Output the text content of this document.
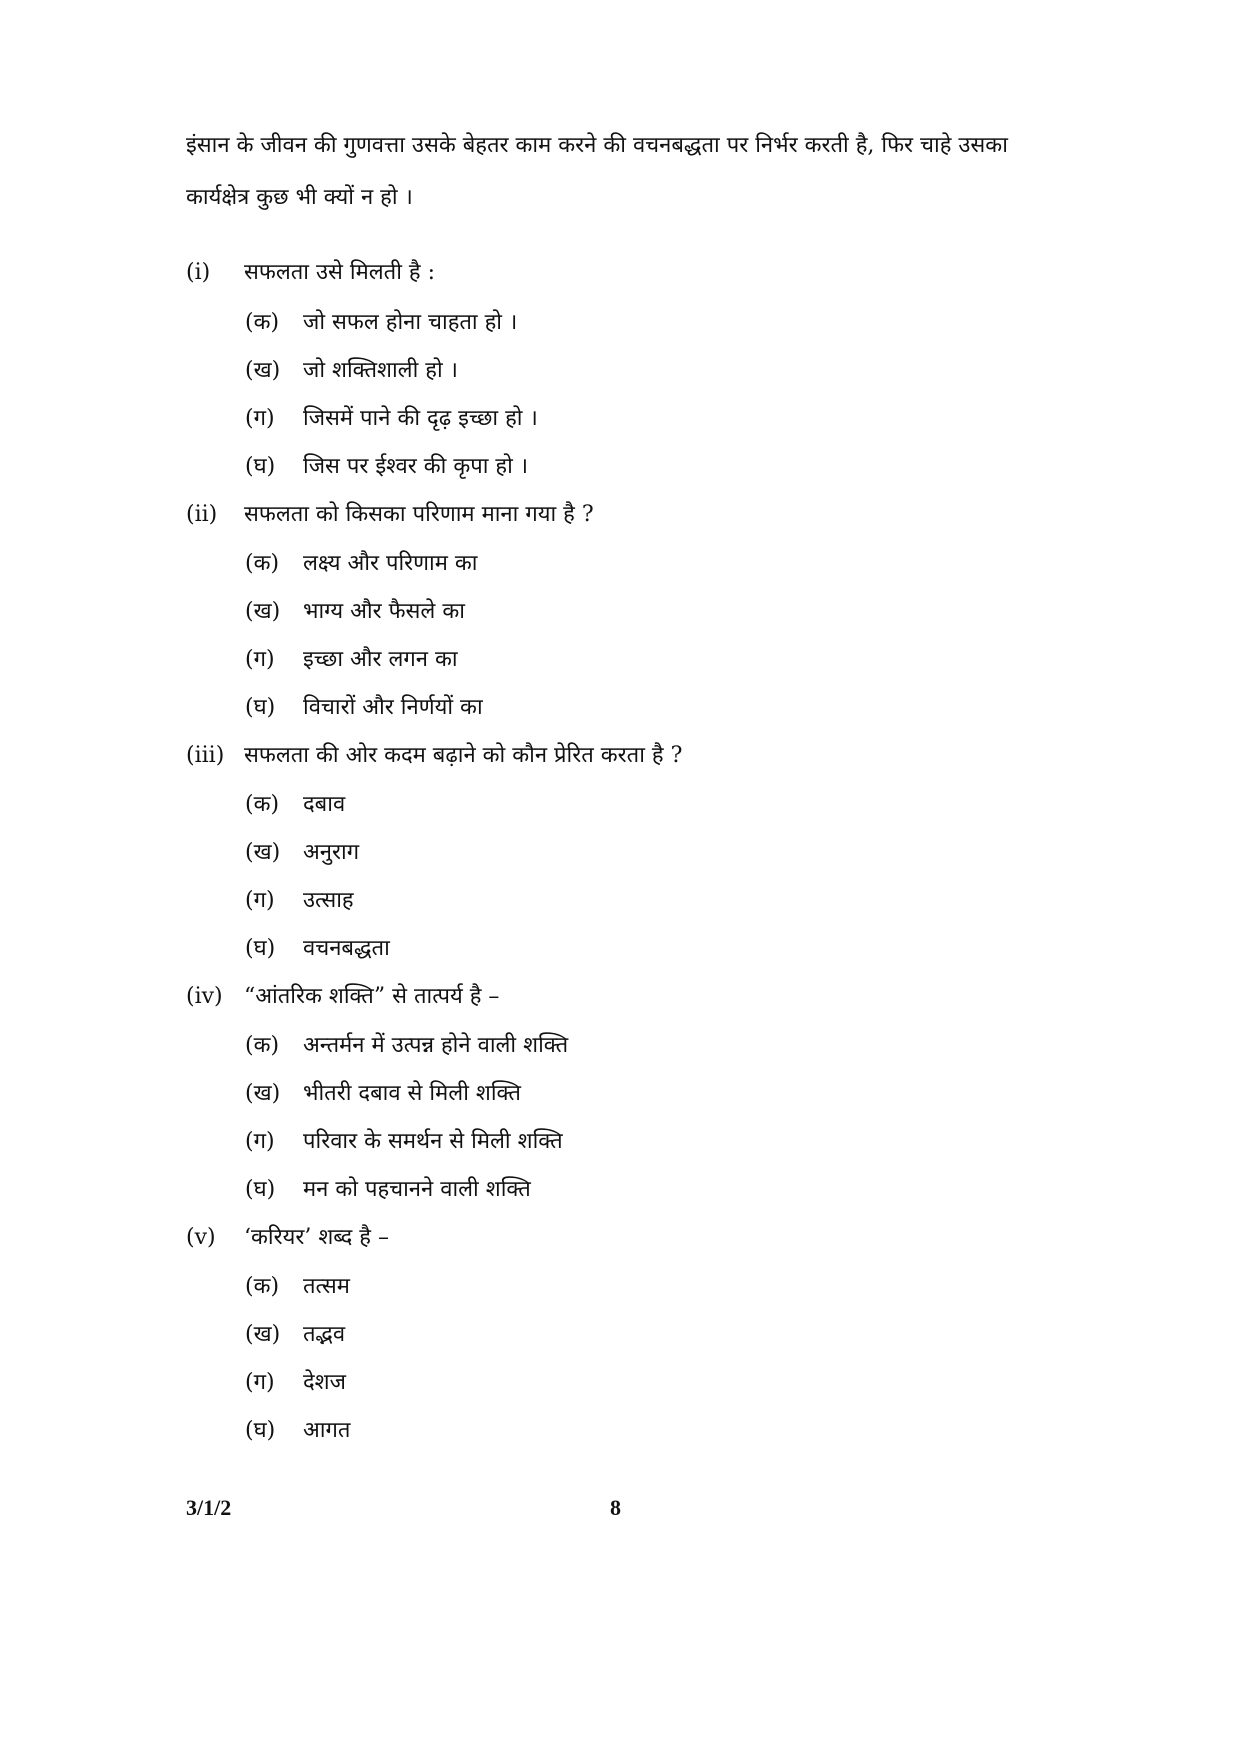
इंसान के जीवन की गुणवत्ता उसके बेहतर काम करने की वचनबद्धता पर निर्भर करती है, फिर चाहे उसका कार्यक्षेत्र कुछ भी क्यों न हो ।

(i)	सफलता उसे मिलती है :
(क) जो सफल होना चाहता हो ।
(ख) जो शक्तिशाली हो ।
(ग) जिसमें पाने की दृढ़ इच्छा हो ।
(घ) जिस पर ईश्वर की कृपा हो ।
(ii) सफलता को किसका परिणाम माना गया है ?
(क) लक्ष्य और परिणाम का
(ख) भाग्य और फैसले का
(ग) इच्छा और लगन का
(घ) विचारों और निर्णयों का
(iii) सफलता की ओर कदम बढ़ाने को कौन प्रेरित करता है ?
(क) दबाव
(ख) अनुराग
(ग) उत्साह
(घ) वचनबद्धता
(iv) “आंतरिक शक्ति” से तात्पर्य है –
(क) अन्तर्मन में उत्पन्न होने वाली शक्ति
(ख) भीतरी दबाव से मिली शक्ति
(ग) परिवार के समर्थन से मिली शक्ति
(घ) मन को पहचानने वाली शक्ति
(v) ‘करियर’ शब्द है –
(क) तत्सम
(ख) तद्भव
(ग) देशज
(घ) आगत
3/1/2	8
